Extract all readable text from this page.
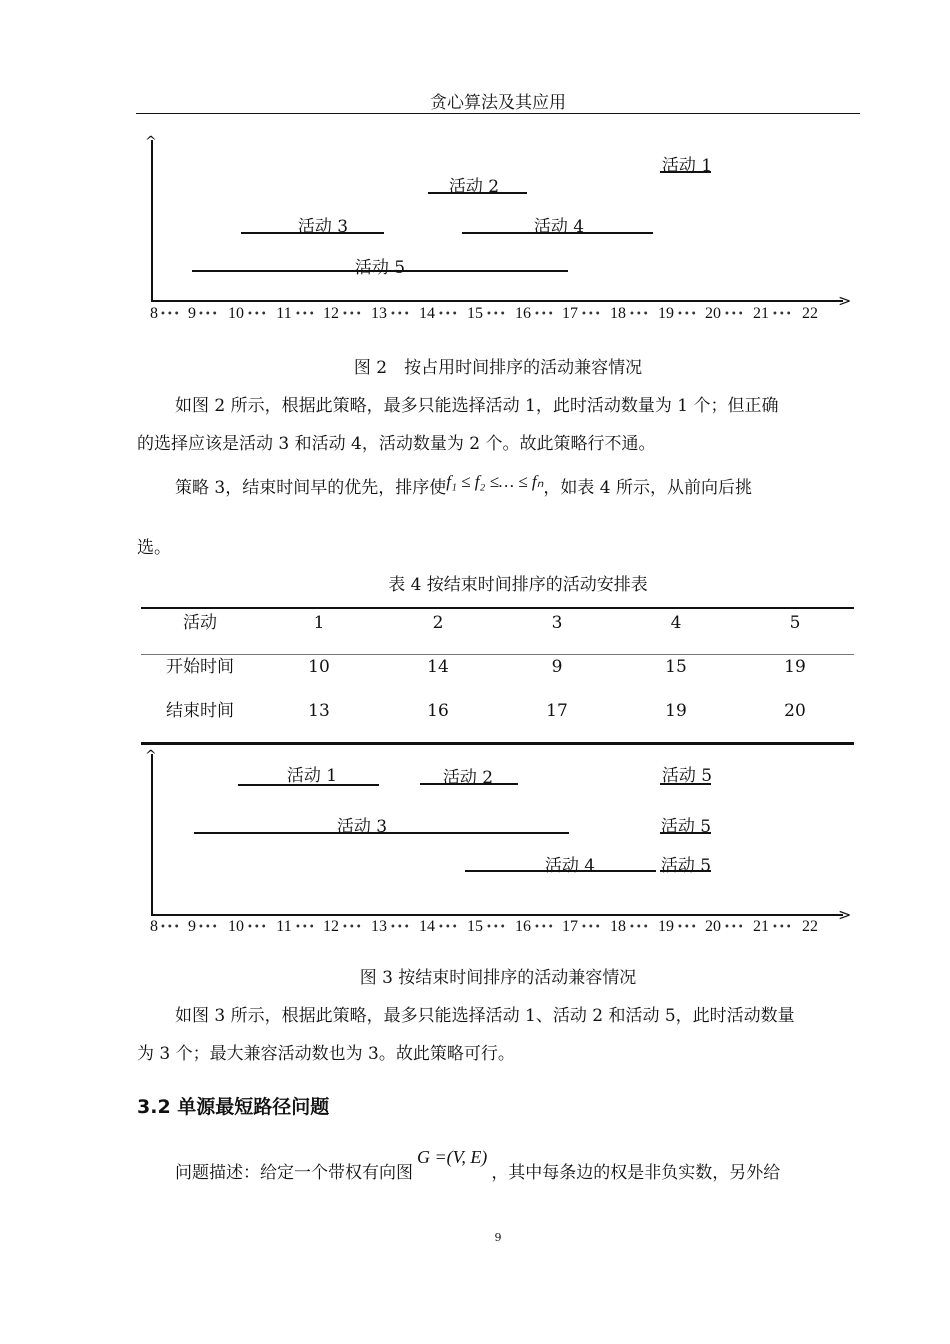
贪心算法及其应用
^
>
8 ••• 9 ••• 10 ••• 11 ••• 12 ••• 13 ••• 14 ••• 15 ••• 16 ••• 17 ••• 18 ••• 19 ••• 20 ••• 21 ••• 22
活动 1
活动 2
活动 3	活动 4
活动 5
图 2　按占用时间排序的活动兼容情况
如图 2 所示，根据此策略，最多只能选择活动 1，此时活动数量为 1 个；但正确
的选择应该是活动 3 和活动 4，活动数量为 2 个。故此策略行不通。
策略 3，结束时间早的优先，排序使f₁ ≤ f₂ ≤… ≤ fₙ，如表 4 所示，从前向后挑
选。
表 4 按结束时间排序的活动安排表
活动	1	2	3	4	5
开始时间	10	14	9	15	19
结束时间	13	16	17	19	20
^
>
8 ••• 9 ••• 10 ••• 11 ••• 12 ••• 13 ••• 14 ••• 15 ••• 16 ••• 17 ••• 18 ••• 19 ••• 20 ••• 21 ••• 22
活动 1	活动 2	活动 5
活动 3	活动 5
活动 4	活动 5
图 3 按结束时间排序的活动兼容情况
如图 3 所示，根据此策略，最多只能选择活动 1、活动 2 和活动 5，此时活动数量
为 3 个；最大兼容活动数也为 3。故此策略可行。
3.2 单源最短路径问题
问题描述：给定一个带权有向图G =(V, E)，其中每条边的权是非负实数，另外给
9
